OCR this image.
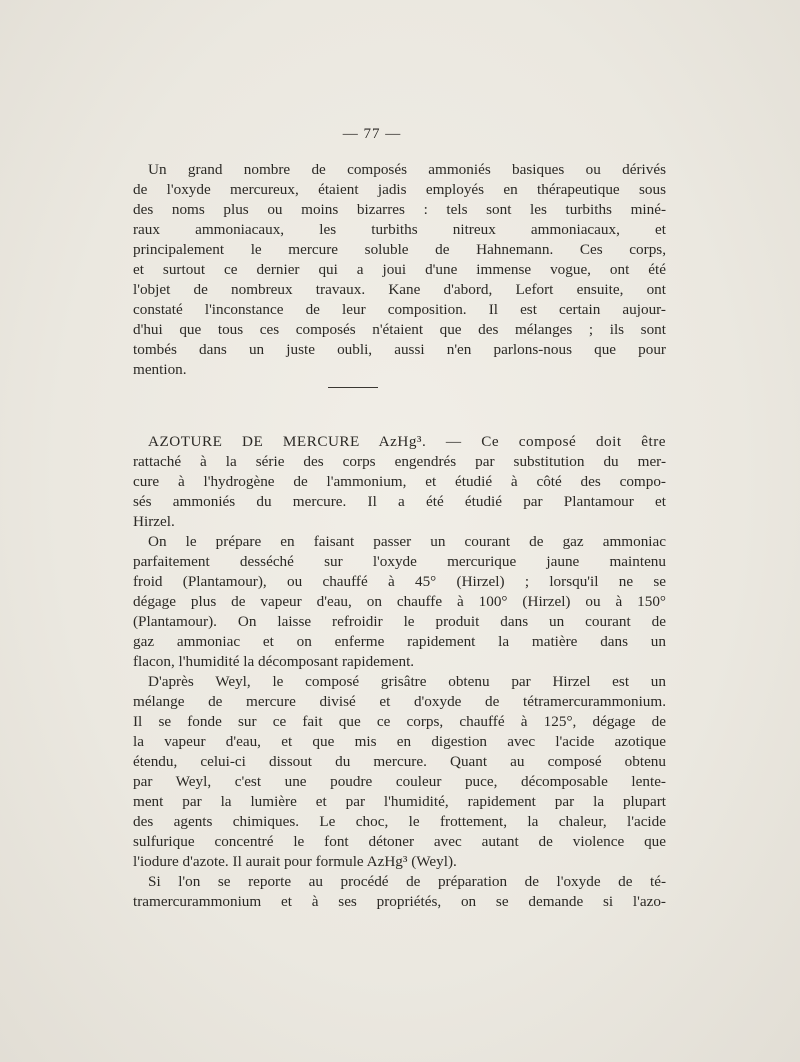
— 77 —
Un grand nombre de composés ammoniés basiques ou dérivés
de l'oxyde mercureux, étaient jadis employés en thérapeutique sous
des noms plus ou moins bizarres : tels sont les turbiths miné-
raux ammoniacaux, les turbiths nitreux ammoniacaux, et
principalement le mercure soluble de Hahnemann. Ces corps,
et surtout ce dernier qui a joui d'une immense vogue, ont été
l'objet de nombreux travaux. Kane d'abord, Lefort ensuite, ont
constaté l'inconstance de leur composition. Il est certain aujour-
d'hui que tous ces composés n'étaient que des mélanges ; ils sont
tombés dans un juste oubli, aussi n'en parlons-nous que pour
mention.
AZOTURE DE MERCURE AzHg³. — Ce composé doit être
rattaché à la série des corps engendrés par substitution du mer-
cure à l'hydrogène de l'ammonium, et étudié à côté des compo-
sés ammoniés du mercure. Il a été étudié par Plantamour et
Hirzel.
On le prépare en faisant passer un courant de gaz ammoniac
parfaitement desséché sur l'oxyde mercurique jaune maintenu
froid (Plantamour), ou chauffé à 45° (Hirzel) ; lorsqu'il ne se
dégage plus de vapeur d'eau, on chauffe à 100° (Hirzel) ou à 150°
(Plantamour). On laisse refroidir le produit dans un courant de
gaz ammoniac et on enferme rapidement la matière dans un
flacon, l'humidité la décomposant rapidement.
D'après Weyl, le composé grisâtre obtenu par Hirzel est un
mélange de mercure divisé et d'oxyde de tétramercurammonium.
Il se fonde sur ce fait que ce corps, chauffé à 125°, dégage de
la vapeur d'eau, et que mis en digestion avec l'acide azotique
étendu, celui-ci dissout du mercure. Quant au composé obtenu
par Weyl, c'est une poudre couleur puce, décomposable lente-
ment par la lumière et par l'humidité, rapidement par la plupart
des agents chimiques. Le choc, le frottement, la chaleur, l'acide
sulfurique concentré le font détoner avec autant de violence que
l'iodure d'azote. Il aurait pour formule AzHg³ (Weyl).
Si l'on se reporte au procédé de préparation de l'oxyde de té-
tramercurammonium et à ses propriétés, on se demande si l'azo-
